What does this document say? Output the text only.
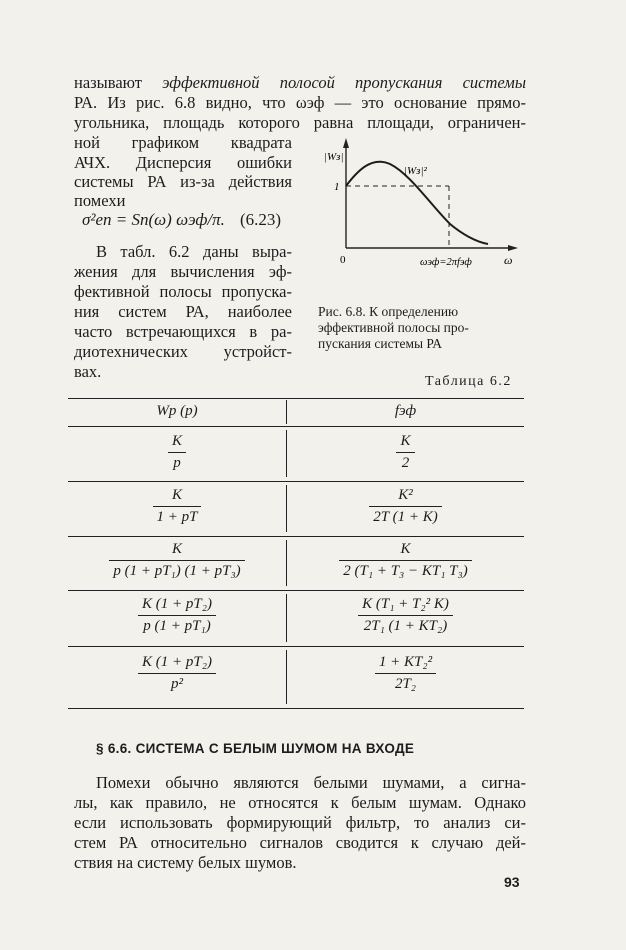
называют эффективной полосой пропускания системы
РА. Из рис. 6.8 видно, что ωэф — это основание прямо-
угольника, площадь которого равна площади, ограничен-
ной графиком квадрата
АЧХ. Дисперсия ошибки
системы РА из-за действия
помехи
σ²еп = Sп(ω) ωэф/π. (6.23)
В табл. 6.2 даны выра-
жения для вычисления эф-
фективной полосы пропуска-
ния систем РА, наиболее
часто встречающихся в ра-
диотехнических устройст-
вах.
|Wз|
|Wз|²
1
0	ωэф=2πfэф	ω
Рис. 6.8. К определению
эффективной полосы про-
пускания системы РА
Таблица 6.2
Wр (p)	fэф
$\frac{K}{p}$	$\frac{K}{2}$
$\frac{K}{1 + pT}$	$\frac{\text{K²}}{2T (1 + K)}$
$\frac{K}{\text{p (1 + pT₁) (1 + pT₃)}}$	$\frac{K}{\text{2 (T₁ + T₃ − KT₁ T₃)}}$
$\frac{\text{K (1 + pT₂)}}{\text{p (1 + pT₁)}}$	$\frac{\text{K (T₁ + T₂² K)}}{\text{2T₁ (1 + KT₂)}}$
$\frac{\text{K (1 + pT₂)}}{\text{p²}}$	$\frac{\text{1 + KT₂²}}{\text{2T₂}}$
§ 6.6. СИСТЕМА С БЕЛЫМ ШУМОМ НА ВХОДЕ
Помехи обычно являются белыми шумами, а сигна-
лы, как правило, не относятся к белым шумам. Однако
если использовать формирующий фильтр, то анализ си-
стем РА относительно сигналов сводится к случаю дей-
ствия на систему белых шумов.
93
